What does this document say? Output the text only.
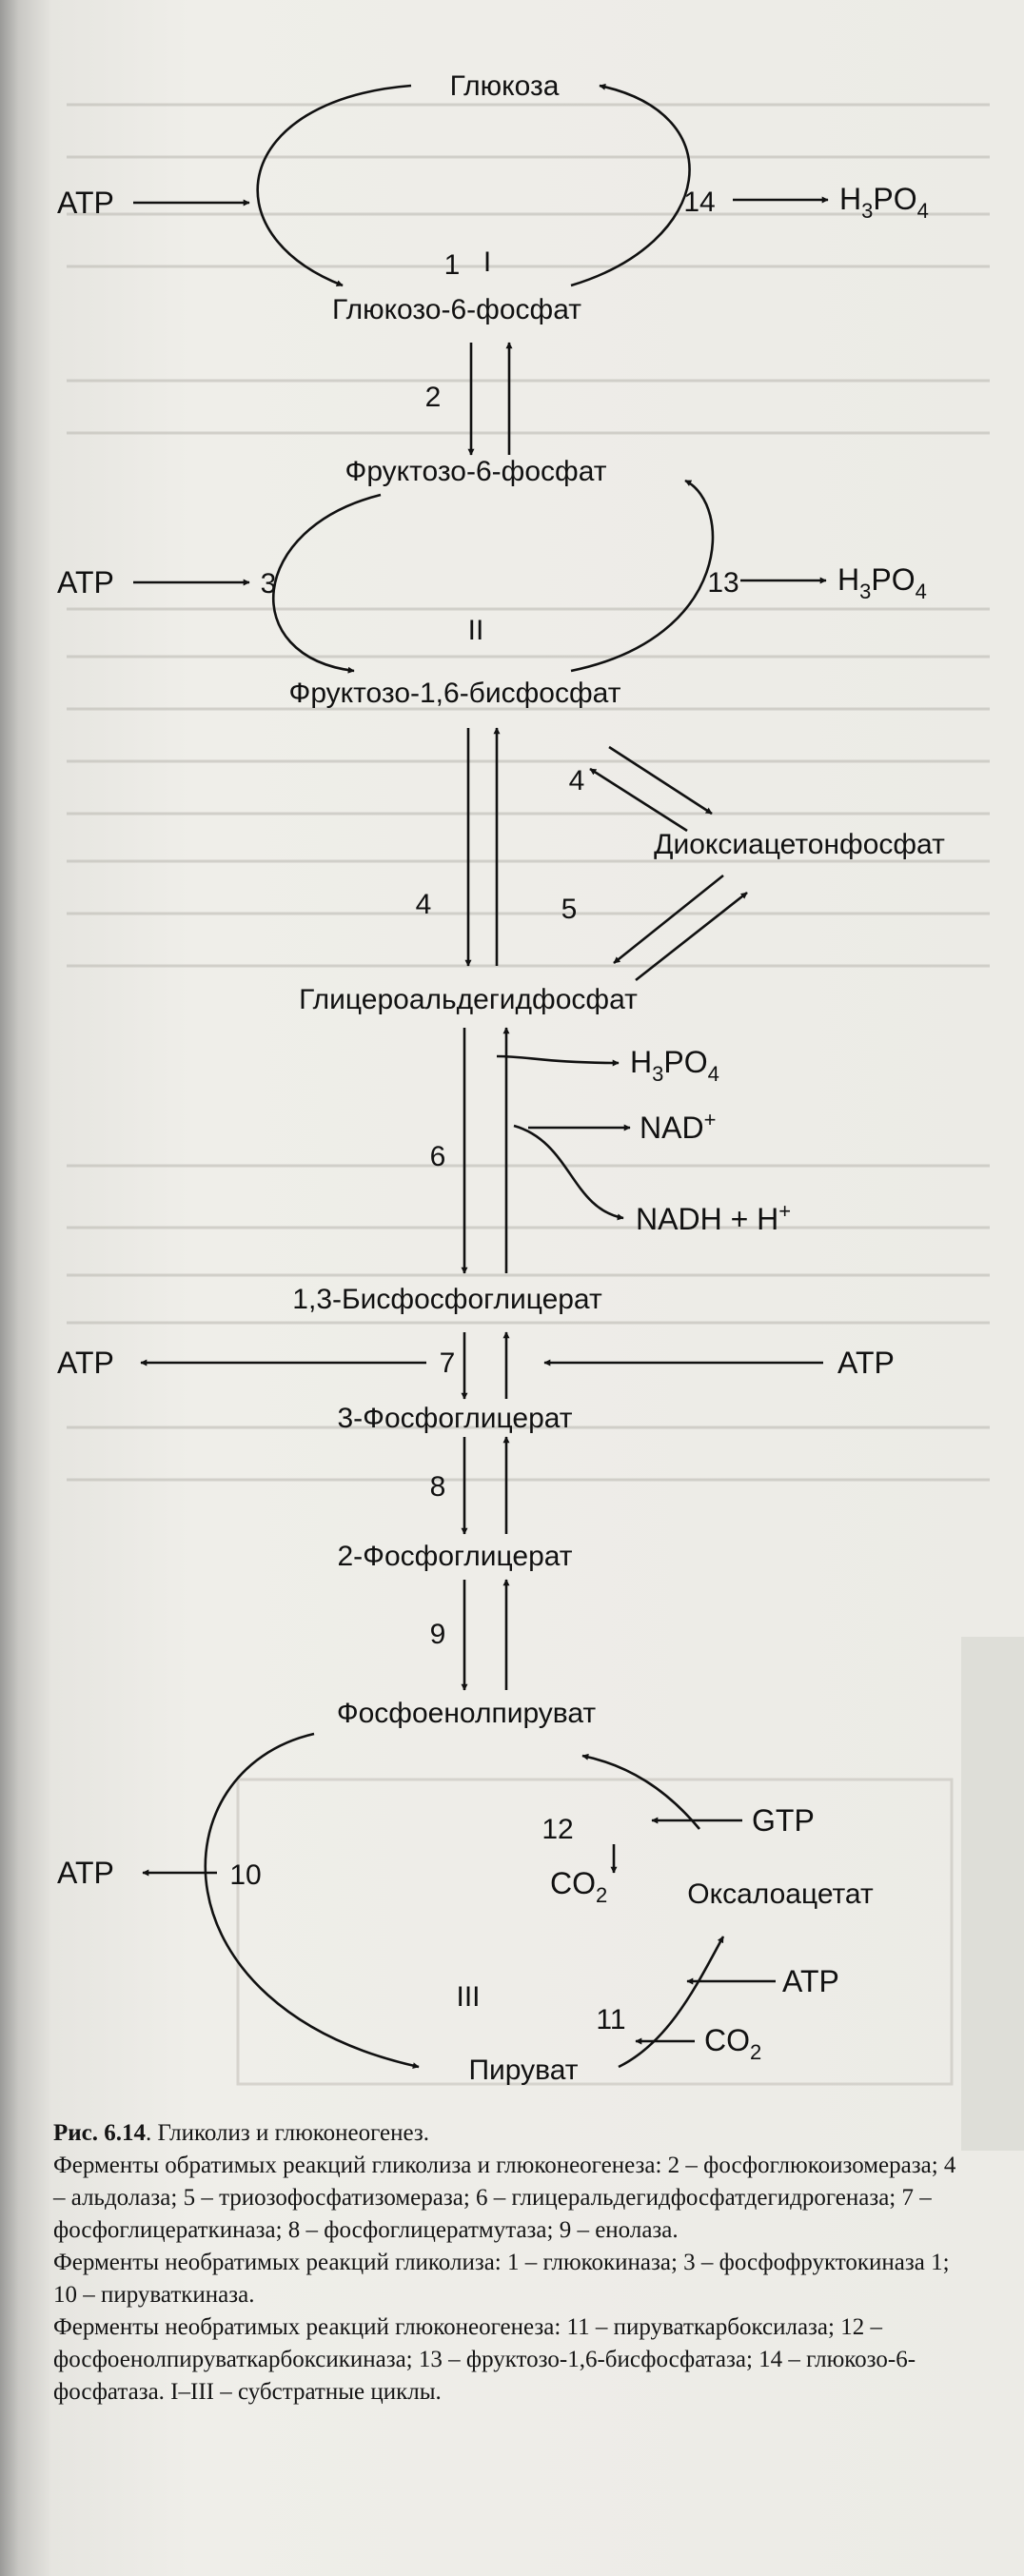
Глюкоза
Глюкозо-6-фосфат
Фруктозо-6-фосфат
Фруктозо-1,6-бисфосфат
Диоксиацетонфосфат
Глицероальдегидфосфат
1,3-Бисфосфоглицерат
3-Фосфоглицерат
2-Фосфоглицерат
Фосфоенолпируват
Оксалоацетат
Пируват
ATP	$H_3PO_4$
ATP	$H_3PO_4$
$H_3PO_4$
NAD+
NADH + H+
ATP	ATP
ATP
GTP
$CO_2$
ATP
$CO_2$
1
2
3
4
4	5
6
7
8
9
10
11
12
13
14
I
II
III

Рис. 6.14. Гликолиз и глюконеогенез.

Ферменты обратимых реакций гликолиза и глюконеогенеза: 2 – фосфоглюкоизомераза; 4 – альдолаза; 5 – триозофосфатизомераза; 6 – глицеральдегидфосфатдегидрогеназа; 7 – фосфоглицераткиназа; 8 – фосфоглицератмутаза; 9 – енолаза.

Ферменты необратимых реакций гликолиза: 1 – глюкокиназа; 3 – фосфофруктокиназа 1; 10 – пируваткиназа.

Ферменты необратимых реакций глюконеогенеза: 11 – пируваткарбоксилаза; 12 – фосфоенолпируваткарбоксикиназа; 13 – фруктозо-1,6-бисфосфатаза; 14 – глюкозо-6-фосфатаза. I–III – субстратные циклы.
